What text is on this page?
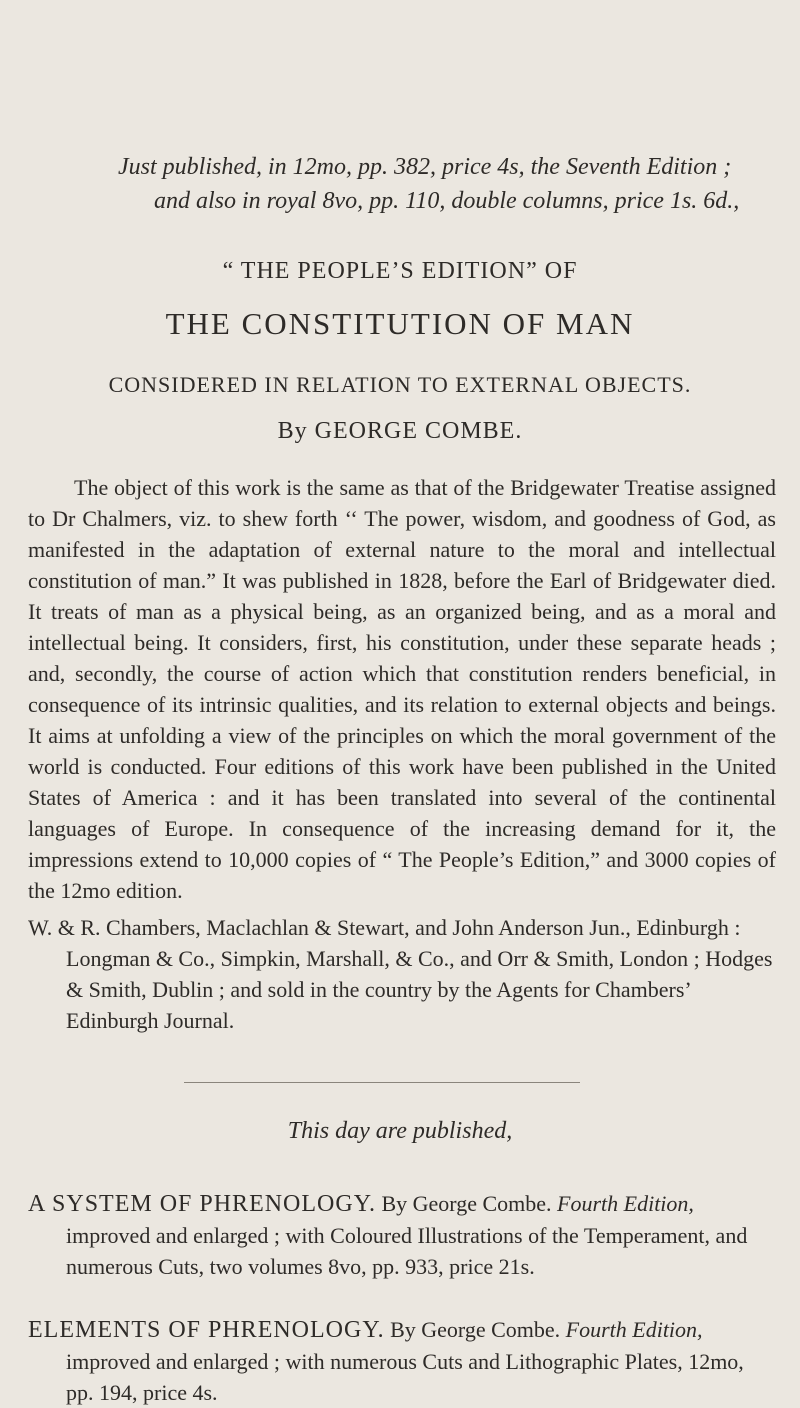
Just published, in 12mo, pp. 382, price 4s, the Seventh Edition ;
and also in royal 8vo, pp. 110, double columns, price 1s. 6d.,
“ THE PEOPLE’S EDITION” OF
THE CONSTITUTION OF MAN
CONSIDERED IN RELATION TO EXTERNAL OBJECTS.
By GEORGE COMBE.
The object of this work is the same as that of the Bridgewater Treatise assigned to Dr Chalmers, viz. to shew forth ‘‘ The power, wisdom, and goodness of God, as manifested in the adaptation of external nature to the moral and intellectual constitution of man.” It was published in 1828, before the Earl of Bridgewater died. It treats of man as a physical being, as an organized being, and as a moral and intellectual being. It considers, first, his constitution, under these separate heads ; and, secondly, the course of action which that constitution renders beneficial, in consequence of its intrinsic qualities, and its relation to external objects and beings. It aims at unfolding a view of the principles on which the moral government of the world is conducted. Four editions of this work have been published in the United States of America : and it has been translated into several of the continental languages of Europe. In consequence of the increasing demand for it, the impressions extend to 10,000 copies of “ The People’s Edition,” and 3000 copies of the 12mo edition.
W. & R. Chambers, Maclachlan & Stewart, and John Anderson Jun., Edinburgh : Longman & Co., Simpkin, Marshall, & Co., and Orr & Smith, London ; Hodges & Smith, Dublin ; and sold in the country by the Agents for Chambers’ Edinburgh Journal.
This day are published,
A SYSTEM OF PHRENOLOGY. By George Combe. Fourth Edition, improved and enlarged ; with Coloured Illustrations of the Temperament, and numerous Cuts, two volumes 8vo, pp. 933, price 21s.
ELEMENTS OF PHRENOLOGY. By George Combe. Fourth Edition, improved and enlarged ; with numerous Cuts and Lithographic Plates, 12mo, pp. 194, price 4s.
